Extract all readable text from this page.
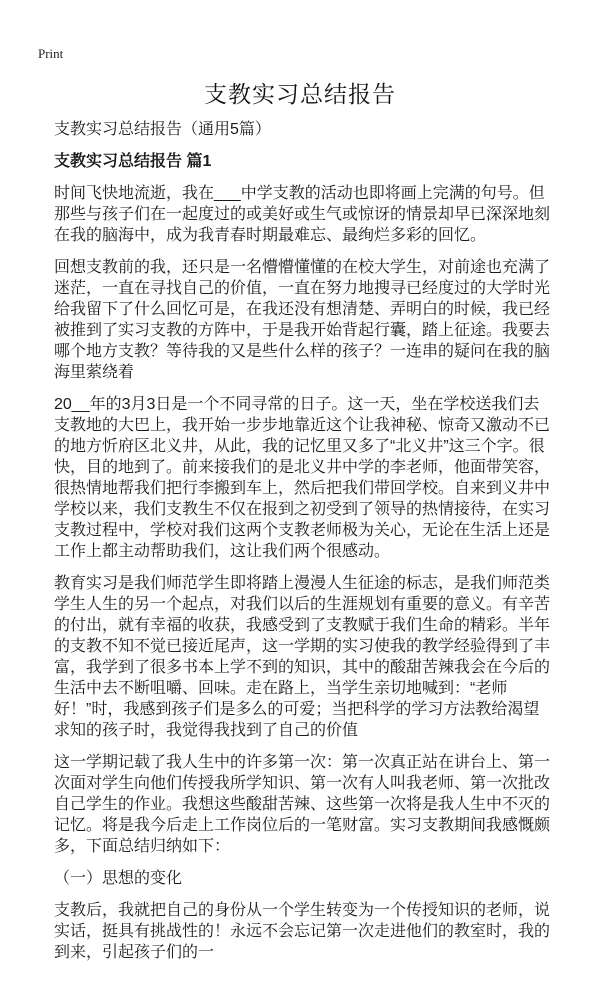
Print
支教实习总结报告
支教实习总结报告（通用5篇）
支教实习总结报告 篇1
时间飞快地流逝，我在___中学支教的活动也即将画上完满的句号。但那些与孩子们在一起度过的或美好或生气或惊讶的情景却早已深深地刻在我的脑海中，成为我青春时期最难忘、最绚烂多彩的回忆。
回想支教前的我，还只是一名懵懵懂懂的在校大学生，对前途也充满了迷茫，一直在寻找自己的价值，一直在努力地搜寻已经度过的大学时光给我留下了什么回忆可是，在我还没有想清楚、弄明白的时候，我已经被推到了实习支教的方阵中，于是我开始背起行囊，踏上征途。我要去哪个地方支教？等待我的又是些什么样的孩子？一连串的疑问在我的脑海里萦绕着
20__年的3月3日是一个不同寻常的日子。这一天，坐在学校送我们去支教地的大巴上，我开始一步步地靠近这个让我神秘、惊奇又激动不已的地方忻府区北义井，从此，我的记忆里又多了“北义井”这三个字。很快，目的地到了。前来接我们的是北义井中学的李老师，他面带笑容，很热情地帮我们把行李搬到车上，然后把我们带回学校。自来到义井中学校以来，我们支教生不仅在报到之初受到了领导的热情接待，在实习支教过程中，学校对我们这两个支教老师极为关心，无论在生活上还是工作上都主动帮助我们，这让我们两个很感动。
教育实习是我们师范学生即将踏上漫漫人生征途的标志，是我们师范类学生人生的另一个起点，对我们以后的生涯规划有重要的意义。有辛苦的付出，就有幸福的收获，我感受到了支教赋于我们生命的精彩。半年的支教不知不觉已接近尾声，这一学期的实习使我的教学经验得到了丰富，我学到了很多书本上学不到的知识，其中的酸甜苦辣我会在今后的生活中去不断咀嚼、回味。走在路上，当学生亲切地喊到：“老师好！”时，我感到孩子们是多么的可爱；当把科学的学习方法教给渴望求知的孩子时，我觉得我找到了自己的价值
这一学期记载了我人生中的许多第一次：第一次真正站在讲台上、第一次面对学生向他们传授我所学知识、第一次有人叫我老师、第一次批改自己学生的作业。我想这些酸甜苦辣、这些第一次将是我人生中不灭的记忆。将是我今后走上工作岗位后的一笔财富。实习支教期间我感慨颇多，下面总结归纳如下：
（一）思想的变化
支教后，我就把自己的身份从一个学生转变为一个传授知识的老师，说实话，挺具有挑战性的！永远不会忘记第一次走进他们的教室时，我的到来，引起孩子们的一
